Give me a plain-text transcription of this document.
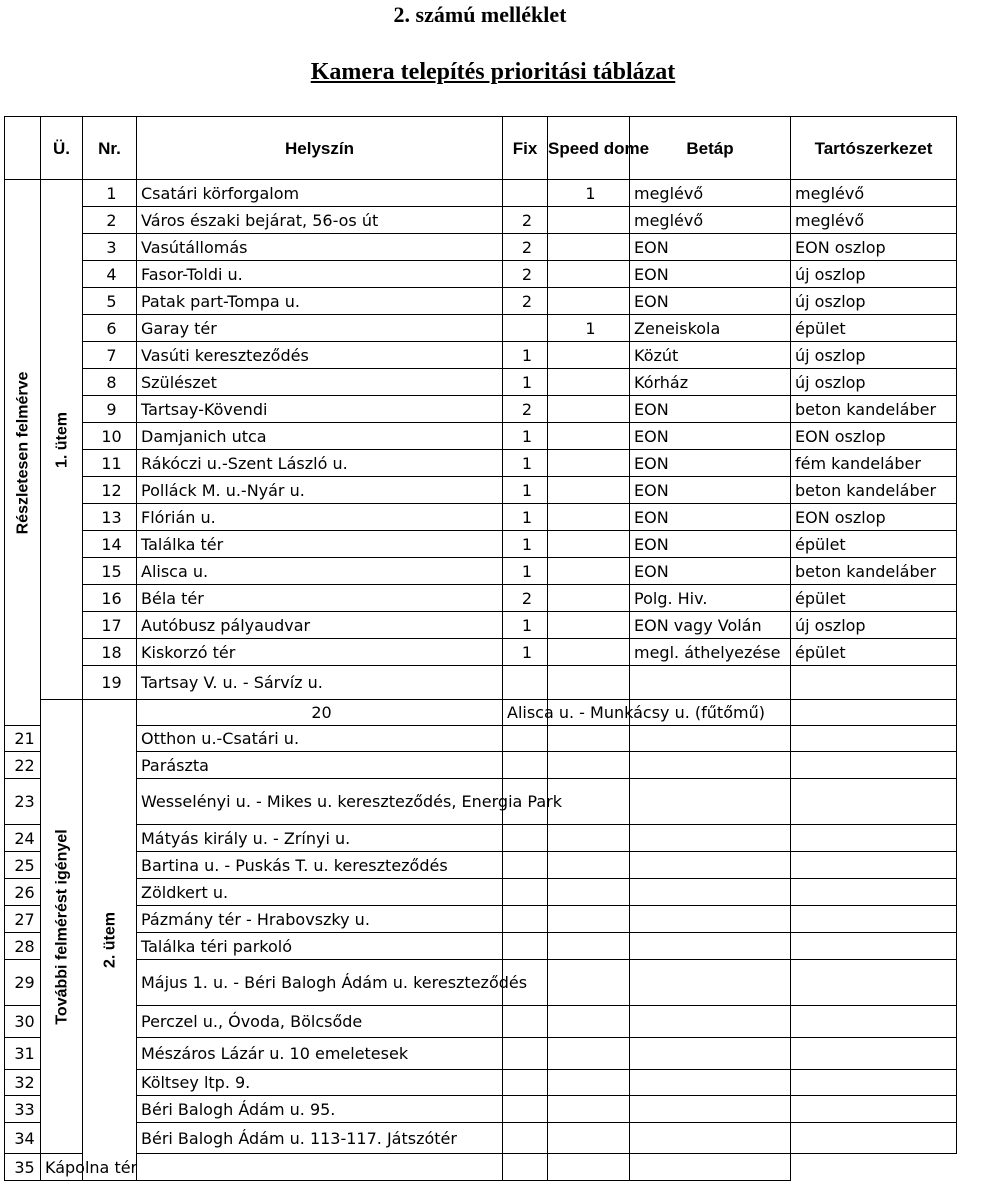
2. számú melléklet
Kamera telepítés prioritási táblázat
	Ü.	Nr.	Helyszín	Fix	Speed dome	Betáp	Tartószerkezet	

Részletesen felmérve	1. ütem	1	Csatári körforgalom		1	meglévő	meglévő	
		2	Város északi bejárat, 56-os út	2		meglévő	meglévő	
		3	Vasútállomás	2		EON	EON oszlop	
		4	Fasor-Toldi u.	2		EON	új oszlop	
		5	Patak part-Tompa u.	2		EON	új oszlop	
		6	Garay tér		1	Zeneiskola	épület	
		7	Vasúti kereszteződés	1		Közút	új oszlop	
		8	Szülészet	1		Kórház	új oszlop	
		9	Tartsay-Kövendi	2		EON	beton kandeláber	
		10	Damjanich utca	1		EON	EON oszlop	
		11	Rákóczi u.-Szent László u.	1		EON	fém kandeláber	
		12	Polláck M. u.-Nyár u.	1		EON	beton kandeláber	
		13	Flórián u.	1		EON	EON oszlop	
		14	Találka tér	1		EON	épület	
		15	Alisca u.	1		EON	beton kandeláber	
		16	Béla tér	2		Polg. Hiv.	épület	
		17	Autóbusz pályaudvar	1		EON vagy Volán	új oszlop	
		18	Kiskorzó tér	1		megl. áthelyezése	épület	
		19	Tartsay V. u. - Sárvíz u.					

	További felmérést igényel	2. ütem	20	Alisca u. - Munkácsy u. (fűtőmű)				
21			Otthon u.-Csatári u.					
22			Parászta					
23			Wesselényi u. - Mikes u. kereszteződés, Energia Park					
24			Mátyás király u. - Zrínyi u.					
25			Bartina u. - Puskás T. u. kereszteződés					
26			Zöldkert u.					
27			Pázmány tér - Hrabovszky u.					
28			Találka téri parkoló					
29			Május 1. u. - Béri Balogh Ádám u. kereszteződés					
30			Perczel u., Óvoda, Bölcsőde					
31			Mészáros Lázár u. 10 emeletesek					
32			Költsey ltp. 9.					
33			Béri Balogh Ádám u. 95.					
34			Béri Balogh Ádám u. 113-117. Játszótér					
35	Kápolna tér							
